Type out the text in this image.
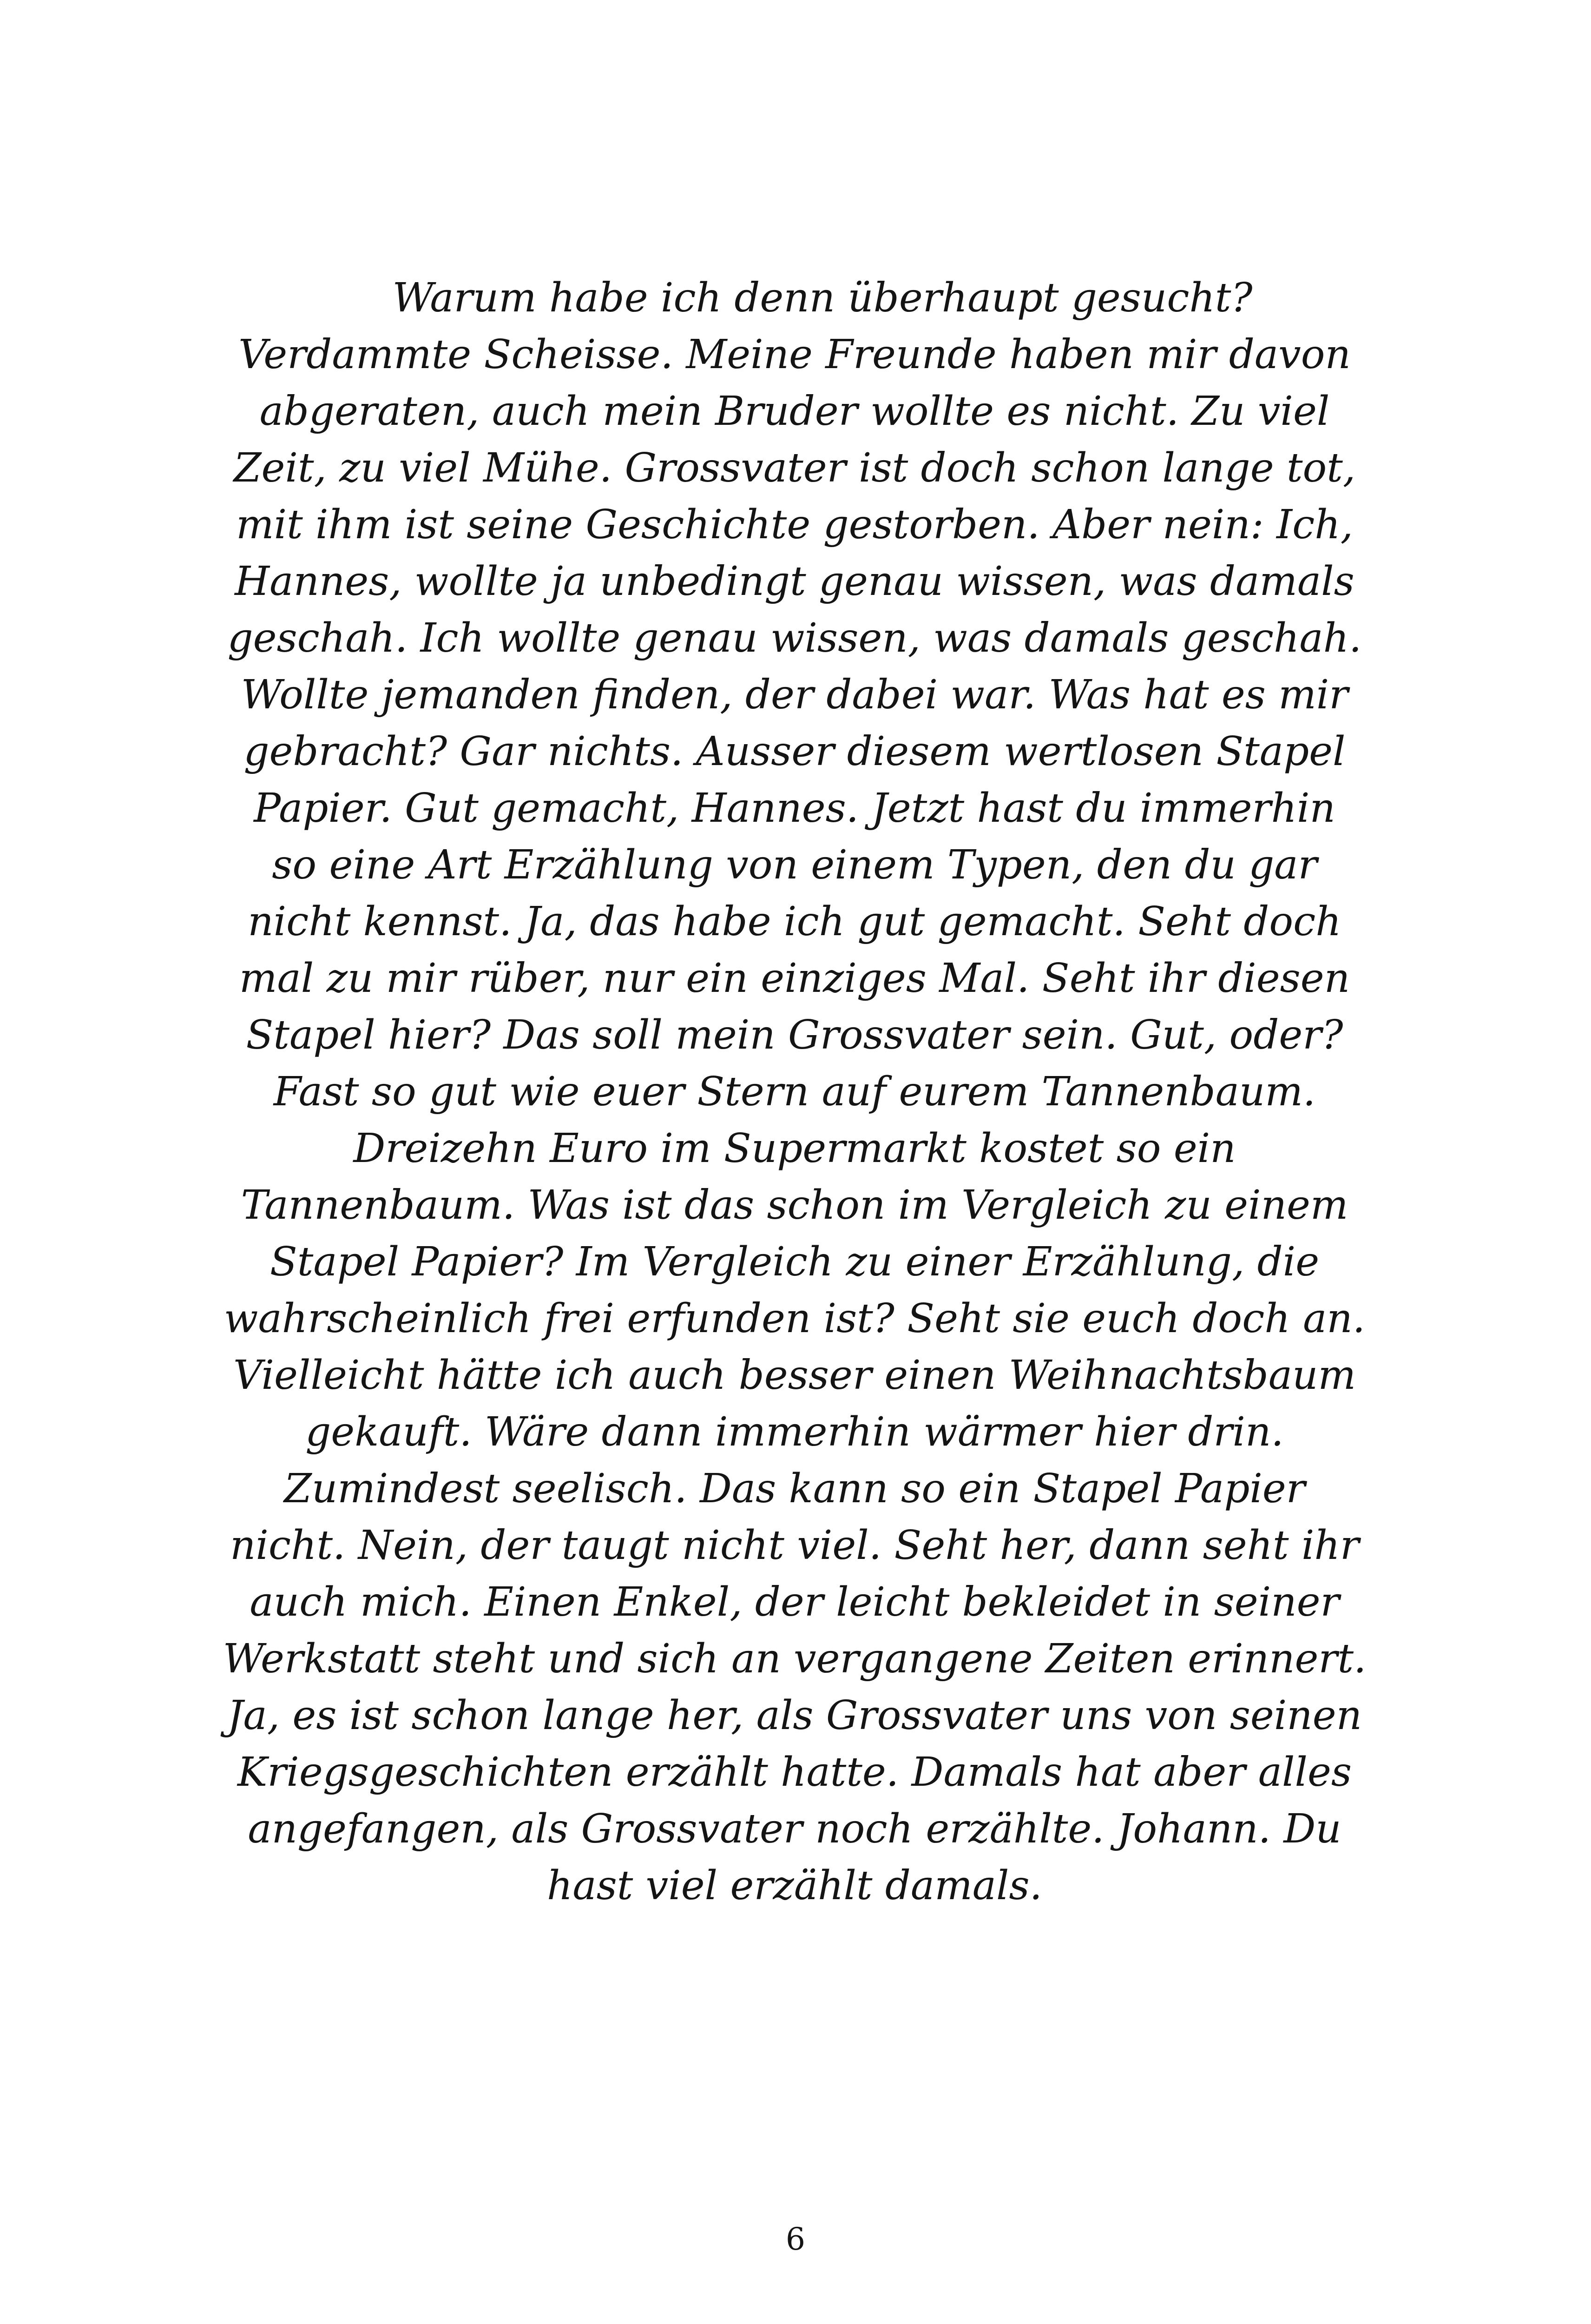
Warum habe ich denn überhaupt gesucht?
Verdammte Scheisse. Meine Freunde haben mir davon
abgeraten, auch mein Bruder wollte es nicht. Zu viel
Zeit, zu viel Mühe. Grossvater ist doch schon lange tot,
mit ihm ist seine Geschichte gestorben. Aber nein: Ich,
Hannes, wollte ja unbedingt genau wissen, was damals
geschah. Ich wollte genau wissen, was damals geschah.
Wollte jemanden finden, der dabei war. Was hat es mir
gebracht? Gar nichts. Ausser diesem wertlosen Stapel
Papier. Gut gemacht, Hannes. Jetzt hast du immerhin
so eine Art Erzählung von einem Typen, den du gar
nicht kennst. Ja, das habe ich gut gemacht. Seht doch
mal zu mir rüber, nur ein einziges Mal. Seht ihr diesen
Stapel hier? Das soll mein Grossvater sein. Gut, oder?
Fast so gut wie euer Stern auf eurem Tannenbaum.
Dreizehn Euro im Supermarkt kostet so ein
Tannenbaum. Was ist das schon im Vergleich zu einem
Stapel Papier? Im Vergleich zu einer Erzählung, die
wahrscheinlich frei erfunden ist? Seht sie euch doch an.
Vielleicht hätte ich auch besser einen Weihnachtsbaum
gekauft. Wäre dann immerhin wärmer hier drin.
Zumindest seelisch. Das kann so ein Stapel Papier
nicht. Nein, der taugt nicht viel. Seht her, dann seht ihr
auch mich. Einen Enkel, der leicht bekleidet in seiner
Werkstatt steht und sich an vergangene Zeiten erinnert.
Ja, es ist schon lange her, als Grossvater uns von seinen
Kriegsgeschichten erzählt hatte. Damals hat aber alles
angefangen, als Grossvater noch erzählte. Johann. Du
hast viel erzählt damals.
6
